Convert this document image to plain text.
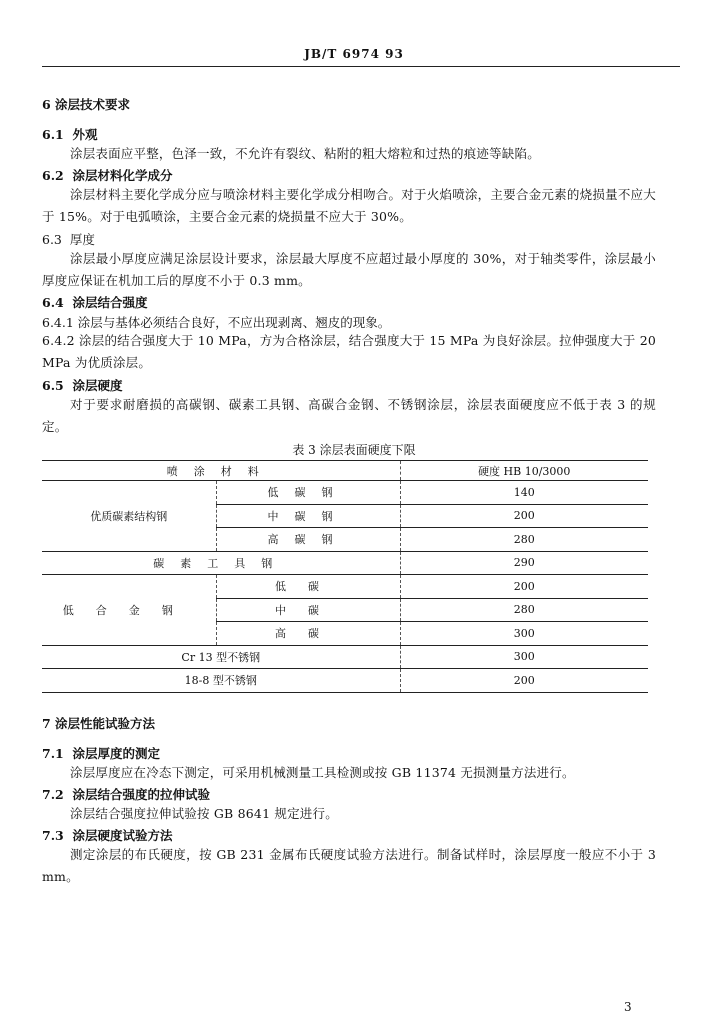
JB/T 6974 93
6 涂层技术要求
6.1 外观
涂层表面应平整，色泽一致，不允许有裂纹、粘附的粗大熔粒和过热的痕迹等缺陷。
6.2 涂层材料化学成分
涂层材料主要化学成分应与喷涂材料主要化学成分相吻合。对于火焰喷涂，主要合金元素的烧损量不应大于 15%。对于电弧喷涂，主要合金元素的烧损量不应大于 30%。
6.3 厚度
涂层最小厚度应满足涂层设计要求，涂层最大厚度不应超过最小厚度的 30%，对于轴类零件，涂层最小厚度应保证在机加工后的厚度不小于 0.3 mm。
6.4 涂层结合强度
6.4.1 涂层与基体必须结合良好，不应出现剥离、翘皮的现象。
6.4.2 涂层的结合强度大于 10 MPa，方为合格涂层，结合强度大于 15 MPa 为良好涂层。拉伸强度大于 20 MPa 为优质涂层。
6.5 涂层硬度
对于要求耐磨损的高碳钢、碳素工具钢、高碳合金钢、不锈钢涂层，涂层表面硬度应不低于表 3 的规定。
表 3 涂层表面硬度下限
喷涂材料		硬度 HB 10/3000
优质碳素结构钢	低碳钢	140
	中碳钢	200
	高碳钢	280
碳素工具钢		290
低合金钢	低碳	200
	中碳	280
	高碳	300
Cr 13 型不锈钢		300
18-8 型不锈钢		200
7 涂层性能试验方法
7.1 涂层厚度的测定
涂层厚度应在冷态下测定，可采用机械测量工具检测或按 GB 11374 无损测量方法进行。
7.2 涂层结合强度的拉伸试验
涂层结合强度拉伸试验按 GB 8641 规定进行。
7.3 涂层硬度试验方法
测定涂层的布氏硬度，按 GB 231 金属布氏硬度试验方法进行。制备试样时，涂层厚度一般应不小于 3 mm。
3
